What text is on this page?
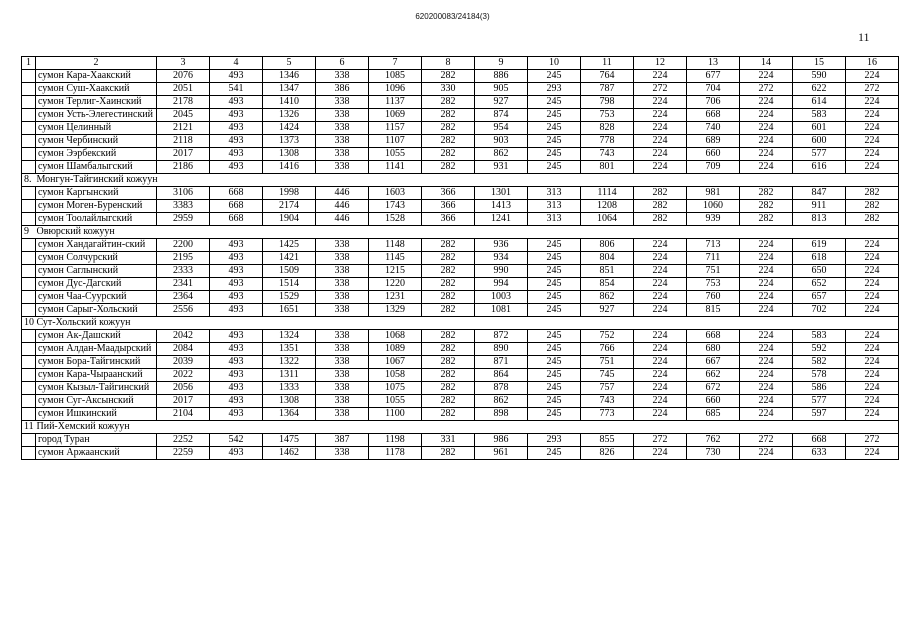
620200083/24184(3)
11
1	2	3	4	5	6	7	8	9	10	11	12	13	14	15	16
	сумон Кара-Хаакский	2076	493	1346	338	1085	282	886	245	764	224	677	224	590	224
	сумон Суш-Хаакский	2051	541	1347	386	1096	330	905	293	787	272	704	272	622	272
	сумон Терлиг-Хаинский	2178	493	1410	338	1137	282	927	245	798	224	706	224	614	224
	сумон Усть-Элегестинский	2045	493	1326	338	1069	282	874	245	753	224	668	224	583	224
	сумон Целинный	2121	493	1424	338	1157	282	954	245	828	224	740	224	601	224
	сумон Чербинский	2118	493	1373	338	1107	282	903	245	778	224	689	224	600	224
	сумон Ээрбекский	2017	493	1308	338	1055	282	862	245	743	224	660	224	577	224
	сумон Шамбалыгский	2186	493	1416	338	1141	282	931	245	801	224	709	224	616	224
8. Монгун-Тайгинский кожуун															
	сумон Каргынский	3106	668	1998	446	1603	366	1301	313	1114	282	981	282	847	282
	сумон Моген-Буренский	3383	668	2174	446	1743	366	1413	313	1208	282	1060	282	911	282
	сумон Тоолайлыгский	2959	668	1904	446	1528	366	1241	313	1064	282	939	282	813	282
9 Овюрский кожуун															
	сумон Хандагайтин-ский	2200	493	1425	338	1148	282	936	245	806	224	713	224	619	224
	сумон Солчурский	2195	493	1421	338	1145	282	934	245	804	224	711	224	618	224
	сумон Саглынский	2333	493	1509	338	1215	282	990	245	851	224	751	224	650	224
	сумон Дус-Дагский	2341	493	1514	338	1220	282	994	245	854	224	753	224	652	224
	сумон Чаа-Суурский	2364	493	1529	338	1231	282	1003	245	862	224	760	224	657	224
	сумон Сарыг-Хольский	2556	493	1651	338	1329	282	1081	245	927	224	815	224	702	224
10 Сут-Хольский кожуун															
	сумон Ак-Дашский	2042	493	1324	338	1068	282	872	245	752	224	668	224	583	224
	сумон Алдан-Маадырский	2084	493	1351	338	1089	282	890	245	766	224	680	224	592	224
	сумон Бора-Тайгинский	2039	493	1322	338	1067	282	871	245	751	224	667	224	582	224
	сумон Кара-Чыраанский	2022	493	1311	338	1058	282	864	245	745	224	662	224	578	224
	сумон Кызыл-Тайгинский	2056	493	1333	338	1075	282	878	245	757	224	672	224	586	224
	сумон Суг-Аксынский	2017	493	1308	338	1055	282	862	245	743	224	660	224	577	224
	сумон Ишкинский	2104	493	1364	338	1100	282	898	245	773	224	685	224	597	224
11 Пий-Хемский кожуун															
	город Туран	2252	542	1475	387	1198	331	986	293	855	272	762	272	668	272
	сумон Аржаанский	2259	493	1462	338	1178	282	961	245	826	224	730	224	633	224
